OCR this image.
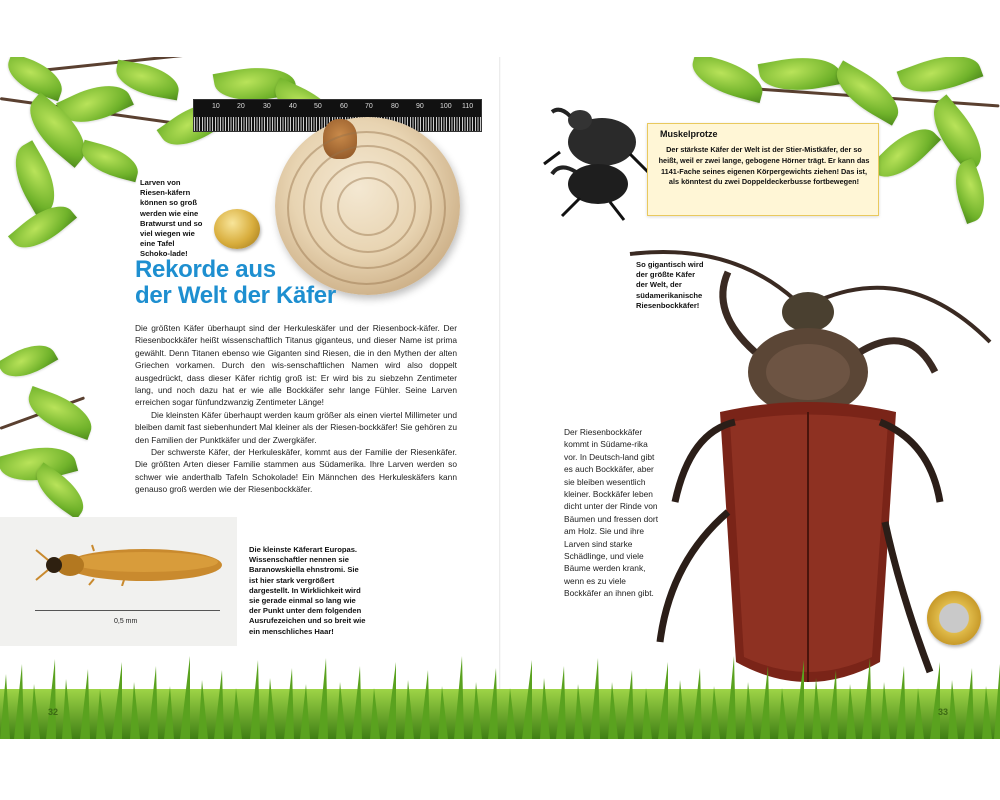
10 20	30	40 50	60 70	80 90 100 110
Larven von Riesen-käfern können so groß werden wie eine Bratwurst und so viel wiegen wie eine Tafel Schoko-lade!
Rekorde aus
der Welt der Käfer

Die größten Käfer überhaupt sind der Herkuleskäfer und der Riesenbock-käfer. Der Riesenbockkäfer heißt wissenschaftlich Titanus giganteus, und dieser Name ist prima gewählt. Denn Titanen ebenso wie Giganten sind Riesen, die in den Mythen der alten Griechen vorkamen. Durch den wis-senschaftlichen Namen wird also doppelt ausgedrückt, dass dieser Käfer richtig groß ist: Er wird bis zu siebzehn Zentimeter lang, und noch dazu hat er wie alle Bockkäfer sehr lange Fühler. Seine Larven erreichen sogar fünfundzwanzig Zentimeter Länge!

Die kleinsten Käfer überhaupt werden kaum größer als einen viertel Millimeter und bleiben damit fast siebenhundert Mal kleiner als der Riesen-bockkäfer! Sie gehören zu den Familien der Punktkäfer und der Zwergkäfer.

Der schwerste Käfer, der Herkuleskäfer, kommt aus der Familie der Riesenkäfer. Die größten Arten dieser Familie stammen aus Südamerika. Ihre Larven werden so schwer wie anderthalb Tafeln Schokolade! Ein Männchen des Herkuleskäfers kann genauso groß werden wie der Riesenbockkäfer.

0,5 mm
Die kleinste Käferart Europas. Wissenschaftler nennen sie Baranowskiella ehnstromi. Sie ist hier stark vergrößert dargestellt. In Wirklichkeit wird sie gerade einmal so lang wie der Punkt unter dem folgenden Ausrufezeichen und so breit wie ein menschliches Haar!
Muskelprotze
Der stärkste Käfer der Welt ist der Stier-Mistkäfer, der so heißt, weil er zwei lange, gebogene Hörner trägt. Er kann das 1141-Fache seines eigenen Körpergewichts ziehen! Das ist, als könntest du zwei Doppeldeckerbusse fortbewegen!
So gigantisch wird der größte Käfer der Welt, der südamerikanische Riesenbockkäfer!
Der Riesenbockkäfer kommt in Südame-rika vor. In Deutsch-land gibt es auch Bockkäfer, aber sie bleiben wesentlich kleiner. Bockkäfer leben dicht unter der Rinde von Bäumen und fressen dort am Holz. Sie und ihre Larven sind starke Schädlinge, und viele Bäume werden krank, wenn es zu viele Bockkäfer an ihnen gibt.
32	33
